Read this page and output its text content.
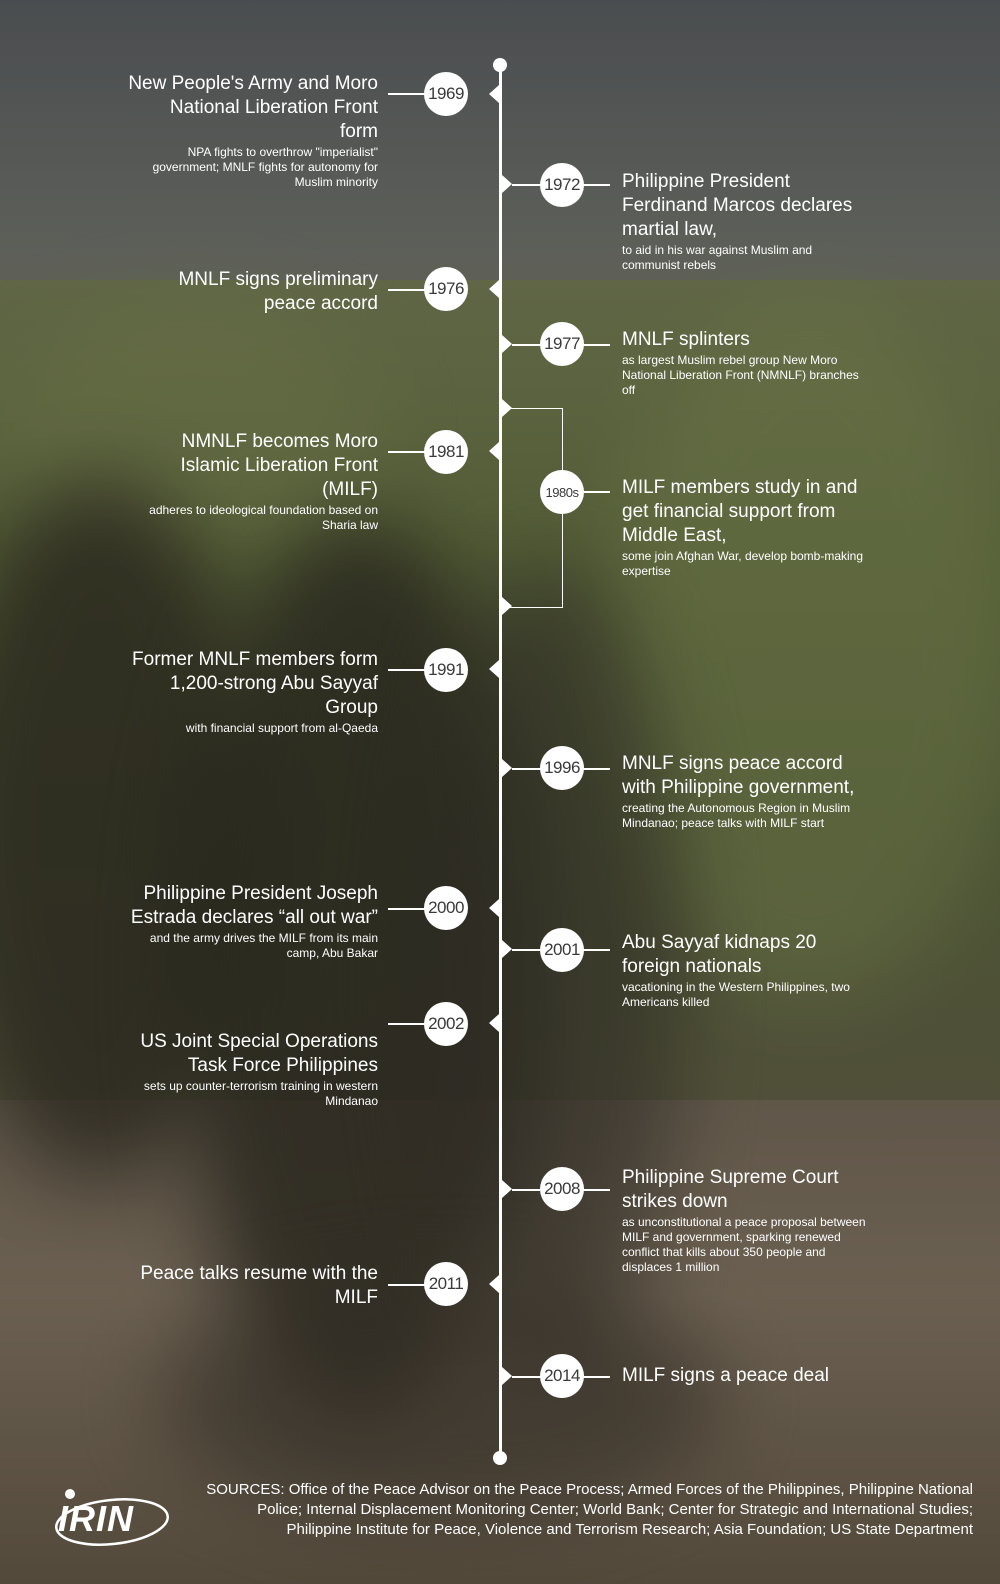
1969
New People's Army and Moro National Liberation Front form
NPA fights to overthrow "imperialist" government; MNLF fights for autonomy for Muslim minority	1972 Philippine President Ferdinand Marcos declares martial law,
to aid in his war against Muslim and communist rebels
1976
MNLF signs preliminary peace accord
1977 MNLF splinters
as largest Muslim rebel group New Moro National Liberation Front (NMNLF) branches off
1981
NMNLF becomes Moro Islamic Liberation Front (MILF)
adheres to ideological foundation based on Sharia law
1980s MILF members study in and get financial support from Middle East,
some join Afghan War, develop bomb-making expertise
1991
Former MNLF members form 1,200-strong Abu Sayyaf Group
with financial support from al-Qaeda
1996 MNLF signs peace accord with Philippine government,
creating the Autonomous Region in Muslim Mindanao; peace talks with MILF start
2000
Philippine President Joseph Estrada declares “all out war”
and the army drives the MILF from its main camp, Abu Bakar	2001 Abu Sayyaf kidnaps 20 foreign nationals
vacationing in the Western Philippines, two Americans killed
2002
US Joint Special Operations Task Force Philippines
sets up counter-terrorism training in western Mindanao
2008
Philippine Supreme Court strikes down
as unconstitutional a peace proposal between MILF and government, sparking renewed conflict that kills about 350 people and displaces 1 million
2011
Peace talks resume with the MILF
2014 MILF signs a peace deal
IRIN
SOURCES: Office of the Peace Advisor on the Peace Process; Armed Forces of the Philippines, Philippine National Police; Internal Displacement Monitoring Center; World Bank; Center for Strategic and International Studies; Philippine Institute for Peace, Violence and Terrorism Research; Asia Foundation; US State Department
